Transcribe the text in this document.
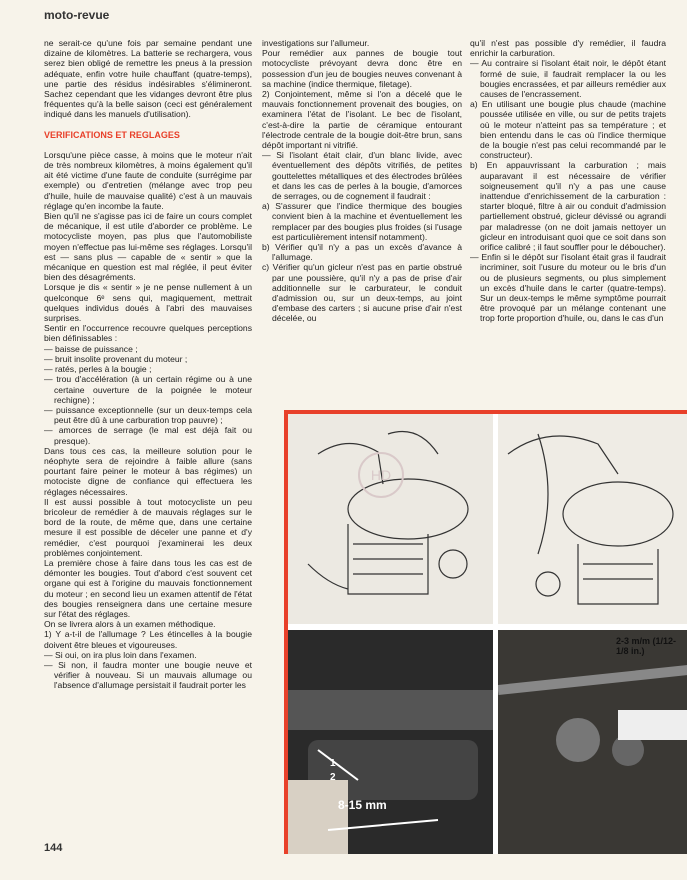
moto-revue

ne serait-ce qu'une fois par semaine pendant une dizaine de kilomètres. La batterie se rechargera, vous serez bien obligé de remettre les pneus à la pression adéquate, enfin votre huile chauffant (quatre-temps), une partie des résidus indésirables s'élimineront. Sachez cependant que les vidanges devront être plus fréquentes qu'à la belle saison (ceci est généralement indiqué dans les manuels d'utilisation).

VERIFICATIONS ET REGLAGES

Lorsqu'une pièce casse, à moins que le moteur n'ait de très nombreux kilomètres, à moins également qu'il ait été victime d'une faute de conduite (surrégime par exemple) ou d'entretien (mélange avec trop peu d'huile, huile de mauvaise qualité) c'est à un mauvais réglage qu'en incombe la faute.

Bien qu'il ne s'agisse pas ici de faire un cours complet de mécanique, il est utile d'aborder ce problème. Le motocycliste moyen, pas plus que l'automobiliste moyen n'effectue pas lui-même ses réglages. Lorsqu'il est — sans plus — capable de « sentir » que la mécanique en question est mal réglée, il peut éviter bien des désagréments.

Lorsque je dis « sentir » je ne pense nullement à un quelconque 6ᵉ sens qui, magiquement, mettrait quelques individus doués à l'abri des mauvaises surprises.

Sentir en l'occurrence recouvre quelques perceptions bien définissables :

— baisse de puissance ;

— bruit insolite provenant du moteur ;

— ratés, perles à la bougie ;

— trou d'accélération (à un certain régime ou à une certaine ouverture de la poignée le moteur rechigne) ;

— puissance exceptionnelle (sur un deux-temps cela peut être dû à une carburation trop pauvre) ;

— amorces de serrage (le mal est déjà fait ou presque).

Dans tous ces cas, la meilleure solution pour le néophyte sera de rejoindre à faible allure (sans pourtant faire peiner le moteur à bas régimes) un motociste digne de confiance qui effectuera les réglages nécessaires.

Il est aussi possible à tout motocycliste un peu bricoleur de remédier à de mauvais réglages sur le bord de la route, de même que, dans une certaine mesure il est possible de déceler une panne et d'y remédier, c'est pourquoi j'examinerai les deux problèmes conjointement.

La première chose à faire dans tous les cas est de démonter les bougies. Tout d'abord c'est souvent cet organe qui est à l'origine du mauvais fonctionnement du moteur ; en second lieu un examen attentif de l'état des bougies renseignera dans une certaine mesure sur l'état des réglages.

On se livrera alors à un examen méthodique.

1) Y a-t-il de l'allumage ? Les étincelles à la bougie doivent être bleues et vigoureuses.

— Si oui, on ira plus loin dans l'examen.

— Si non, il faudra monter une bougie neuve et vérifier à nouveau. Si un mauvais allumage ou l'absence d'allumage persistait il faudrait porter les

investigations sur l'allumeur.

Pour remédier aux pannes de bougie tout motocycliste prévoyant devra donc être en possession d'un jeu de bougies neuves convenant à sa machine (indice thermique, filetage).

2) Conjointement, même si l'on a décelé que le mauvais fonctionnement provenait des bougies, on examinera l'état de l'isolant. Le bec de l'isolant, c'est-à-dire la partie de céramique entourant l'électrode centrale de la bougie doit-être brun, sans dépôt important ni vitrifié.

— Si l'isolant était clair, d'un blanc livide, avec éventuellement des dépôts vitrifiés, de petites gouttelettes métalliques et des électrodes brûlées et dans les cas de perles à la bougie, d'amorces de serrages, ou de cognement il faudrait :

a) S'assurer que l'indice thermique des bougies convient bien à la machine et éventuellement les remplacer par des bougies plus froides (si l'usage est particulièrement intensif notamment).

b) Vérifier qu'il n'y a pas un excès d'avance à l'allumage.

c) Vérifier qu'un gicleur n'est pas en partie obstrué par une poussière, qu'il n'y a pas de prise d'air additionnelle sur le carburateur, le conduit d'admission ou, sur un deux-temps, au joint d'embase des carters ; si aucune prise d'air n'est décelée, ou

qu'il n'est pas possible d'y remédier, il faudra enrichir la carburation.

— Au contraire si l'isolant était noir, le dépôt étant formé de suie, il faudrait remplacer la ou les bougies encrassées, et par ailleurs remédier aux causes de l'encrassement.

a) En utilisant une bougie plus chaude (machine poussée utilisée en ville, ou sur de petits trajets où le moteur n'atteint pas sa température ; et bien entendu dans le cas où l'indice thermique de la bougie n'est pas celui recommandé par le constructeur).

b) En appauvrissant la carburation ; mais auparavant il est nécessaire de vérifier soigneusement qu'il n'y a pas une cause inattendue d'enrichissement de la carburation : starter bloqué, filtre à air ou conduit d'admission partiellement obstrué, gicleur dévissé ou agrandi par maladresse (on ne doit jamais nettoyer un gicleur en introduisant quoi que ce soit dans son orifice calibré ; il faut souffler pour le déboucher).

— Enfin si le dépôt sur l'isolant était gras il faudrait incriminer, soit l'usure du moteur ou le bris d'un ou de plusieurs segments, ou plus simplement un excès d'huile dans le carter (quatre-temps). Sur un deux-temps le même symptôme pourrait être provoqué par un mélange contenant une trop forte proportion d'huile, ou, dans le cas d'un

1
2
8-15 mm
2-3 m/m (1/12-1/8 in.)
HD
144
